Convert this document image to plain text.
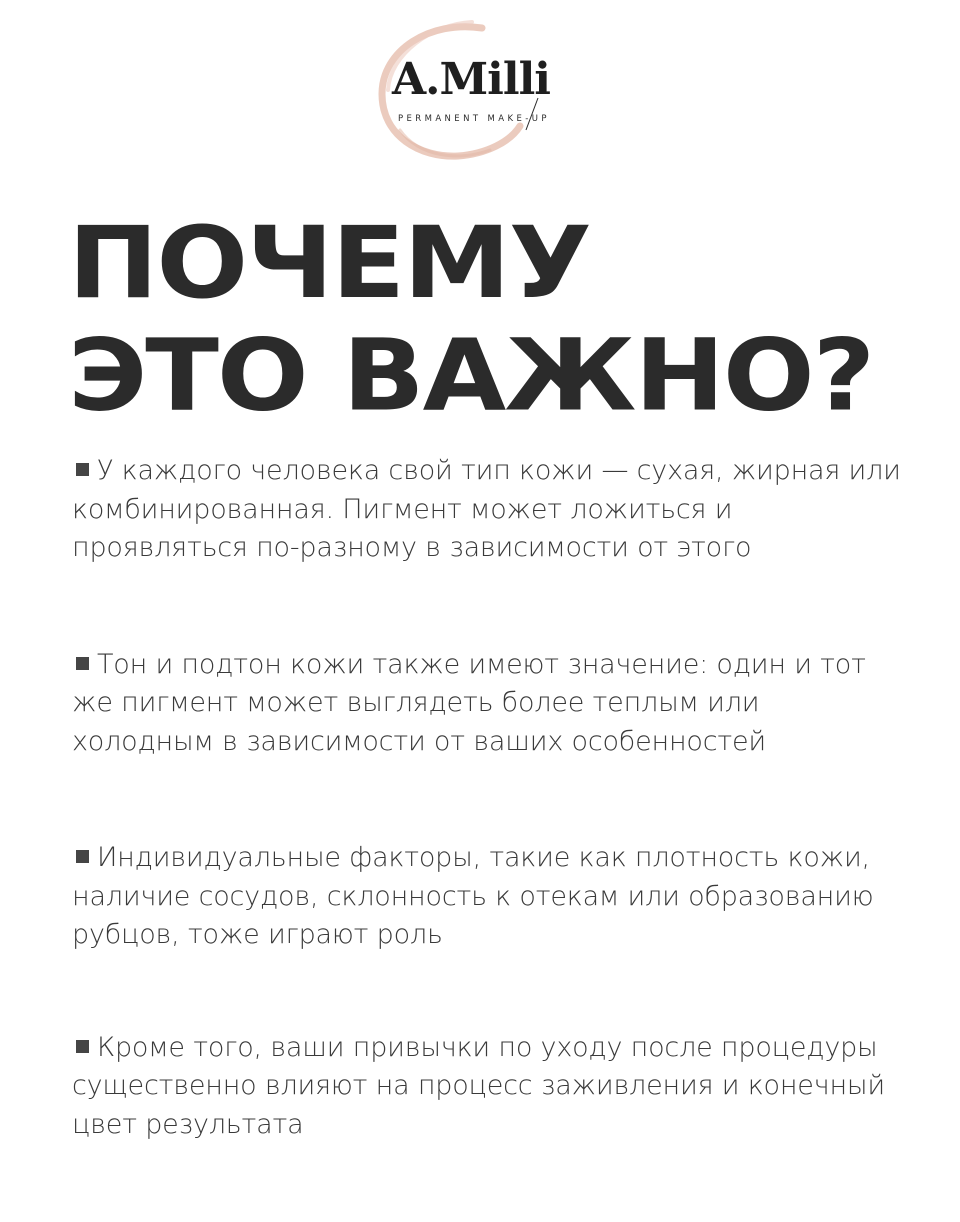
A.Milli
PERMANENT MAKE-UP
ПОЧЕМУ
ЭТО ВАЖНО?
У каждого человека свой тип кожи — сухая, жирная или комбинированная. Пигмент может ложиться и проявляться по-разному в зависимости от этого
Тон и подтон кожи также имеют значение: один и тот же пигмент может выглядеть более теплым или холодным в зависимости от ваших особенностей
Индивидуальные факторы, такие как плотность кожи, наличие сосудов, склонность к отекам или образованию рубцов, тоже играют роль
Кроме того, ваши привычки по уходу после процедуры существенно влияют на процесс заживления и конечный цвет результата
